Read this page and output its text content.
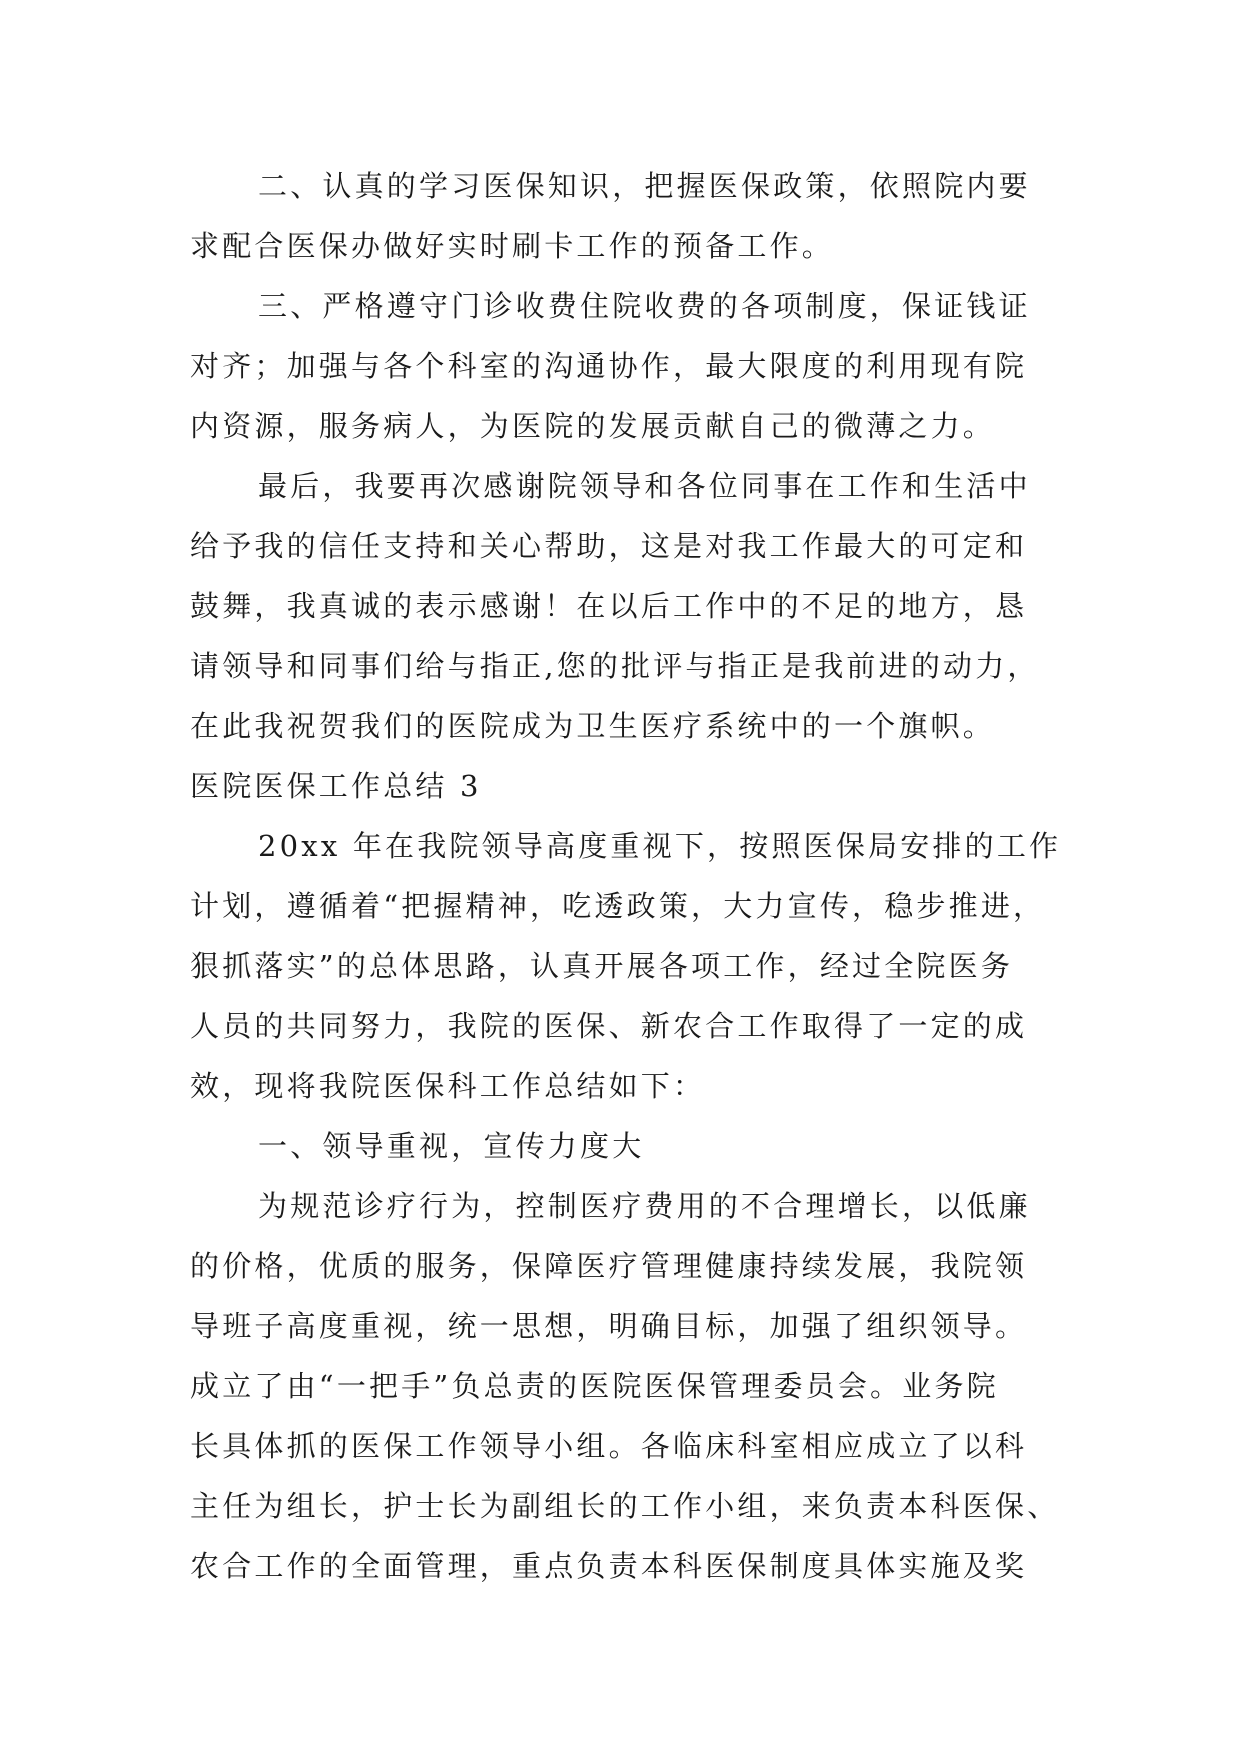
二、认真的学习医保知识，把握医保政策，依照院内要
求配合医保办做好实时刷卡工作的预备工作。
三、严格遵守门诊收费住院收费的各项制度，保证钱证
对齐；加强与各个科室的沟通协作，最大限度的利用现有院
内资源，服务病人，为医院的发展贡献自己的微薄之力。
最后，我要再次感谢院领导和各位同事在工作和生活中
给予我的信任支持和关心帮助，这是对我工作最大的可定和
鼓舞，我真诚的表示感谢！在以后工作中的不足的地方，恳
请领导和同事们给与指正,您的批评与指正是我前进的动力，
在此我祝贺我们的医院成为卫生医疗系统中的一个旗帜。
医院医保工作总结 3
20xx 年在我院领导高度重视下，按照医保局安排的工作
计划，遵循着“把握精神，吃透政策，大力宣传，稳步推进，
狠抓落实”的总体思路，认真开展各项工作，经过全院医务
人员的共同努力，我院的医保、新农合工作取得了一定的成
效，现将我院医保科工作总结如下：
一、领导重视，宣传力度大
为规范诊疗行为，控制医疗费用的不合理增长，以低廉
的价格，优质的服务，保障医疗管理健康持续发展，我院领
导班子高度重视，统一思想，明确目标，加强了组织领导。
成立了由“一把手”负总责的医院医保管理委员会。业务院
长具体抓的医保工作领导小组。各临床科室相应成立了以科
主任为组长，护士长为副组长的工作小组，来负责本科医保、
农合工作的全面管理，重点负责本科医保制度具体实施及奖
